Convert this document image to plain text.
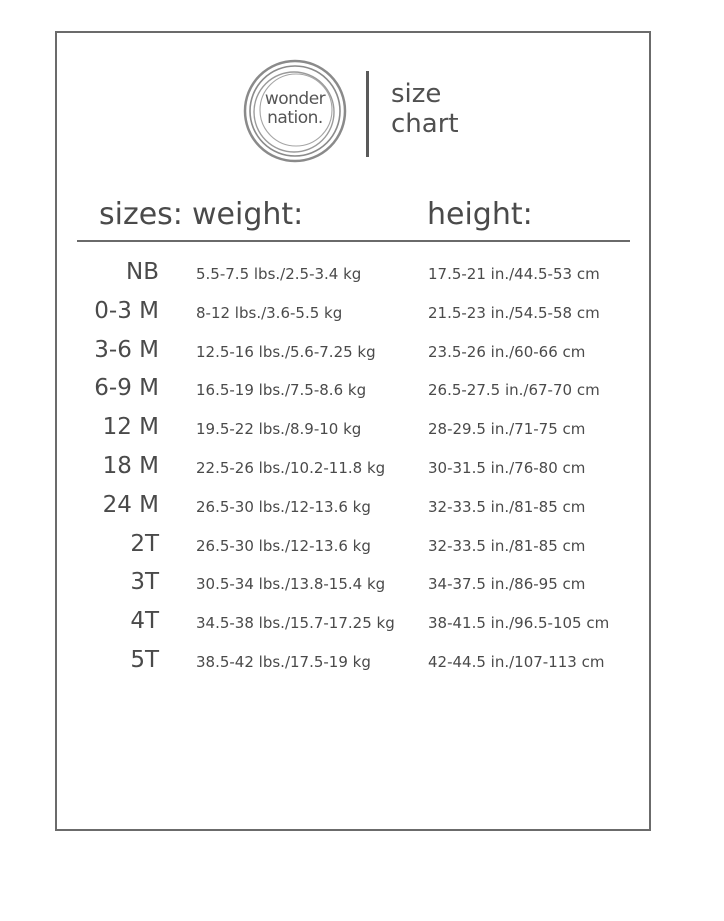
wonder
nation.
size
chart
sizes: weight:	height:
NB 5.5-7.5 lbs./2.5-3.4 kg	17.5-21 in./44.5-53 cm
0-3 M 8-12 lbs./3.6-5.5 kg	21.5-23 in./54.5-58 cm
3-6 M 12.5-16 lbs./5.6-7.25 kg	23.5-26 in./60-66 cm
6-9 M 16.5-19 lbs./7.5-8.6 kg	26.5-27.5 in./67-70 cm
12 M 19.5-22 lbs./8.9-10 kg	28-29.5 in./71-75 cm
18 M 22.5-26 lbs./10.2-11.8 kg	30-31.5 in./76-80 cm
24 M 26.5-30 lbs./12-13.6 kg	32-33.5 in./81-85 cm
2T 26.5-30 lbs./12-13.6 kg	32-33.5 in./81-85 cm
3T 30.5-34 lbs./13.8-15.4 kg	34-37.5 in./86-95 cm
4T 34.5-38 lbs./15.7-17.25 kg 38-41.5 in./96.5-105 cm
5T 38.5-42 lbs./17.5-19 kg	42-44.5 in./107-113 cm
